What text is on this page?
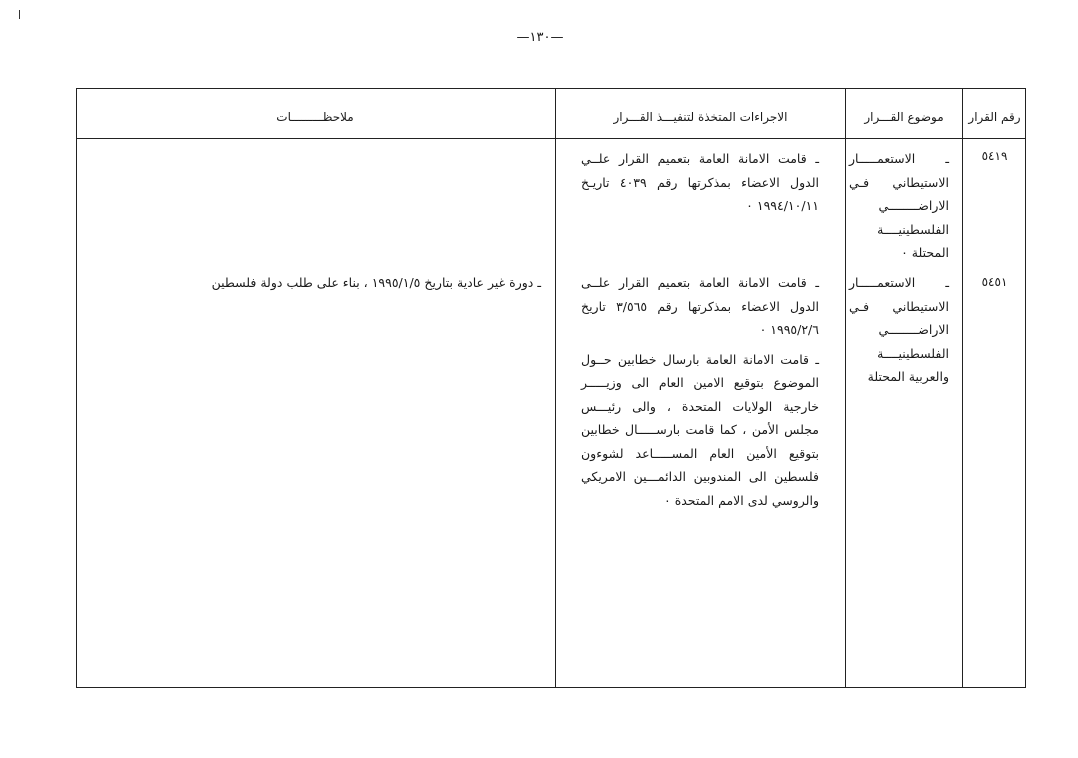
—١٣٠—
رقم القرار
موضوع القـــرار
الاجراءات المتخذة لتنفيـــذ القـــرار
ملاحظـــــــــات
٥٤١٩

ـ الاستعمـــــار الاستيطاني فـي الاراضــــــــي الفلسطينيــــة المحتلة ٠

ـ قامت الامانة العامة بتعميم القرار علــي الدول الاعضاء بمذكرتها رقم ٤٠٣٩ تاريـخ ١٩٩٤/١٠/١١ ٠

٥٤٥١

ـ الاستعمـــــار الاستيطاني فـي الاراضــــــــي الفلسطينيــــة والعربية المحتلة

ـ قامت الامانة العامة بتعميم القرار علــى الدول الاعضاء بمذكرتها رقم ٣/٥٦٥ تاريخ ١٩٩٥/٢/٦ ٠

ـ قامت الامانة العامة بارسال خطابين حــول الموضوع بتوقيع الامين العام الى وزيـــــر خارجية الولايات المتحدة ، والى رئيـــس مجلس الأمن ، كما قامت بارســـــال خطابين بتوقيع الأمين العام المســـــاعد لشوءون فلسطين الى المندوبين الدائمـــين الامريكي والروسي لدى الامم المتحدة ٠

ـ دورة غير عادية بتاريخ ١٩٩٥/١/٥ ، بناء على طلب دولة فلسطين
